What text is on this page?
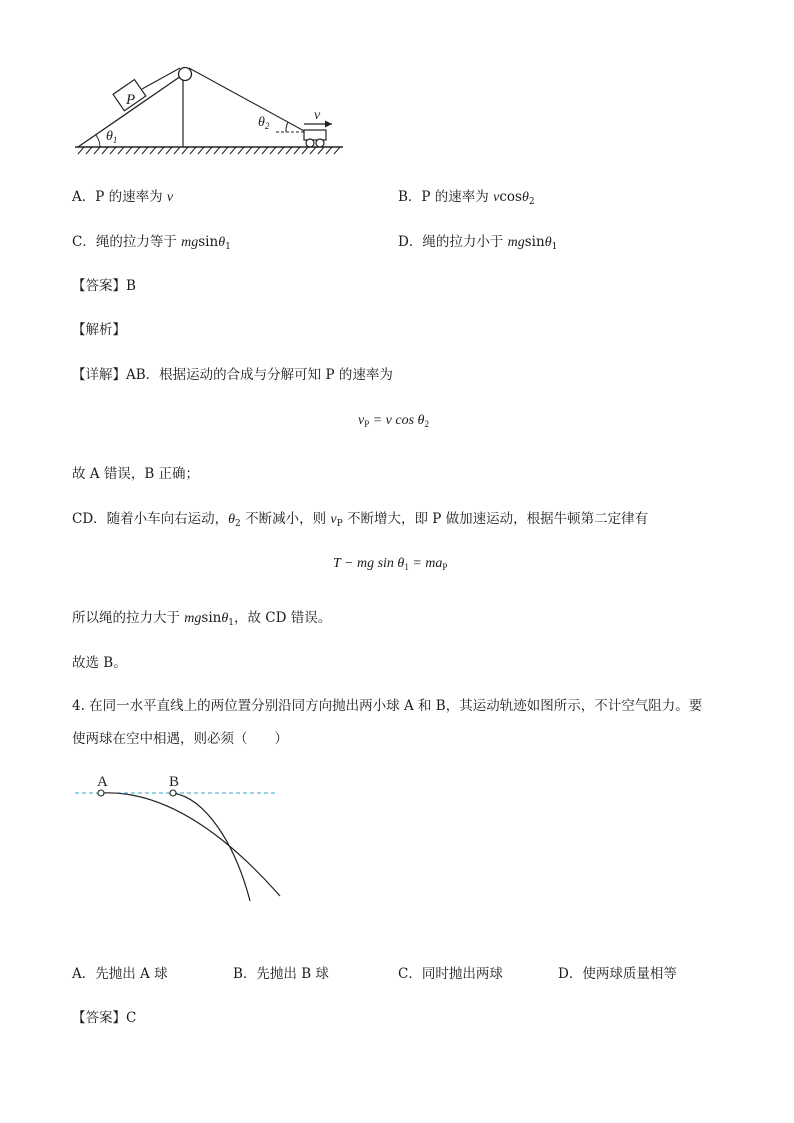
P
$\theta_2$
$\theta_1$
v
A．P 的速率为 v	B．P 的速率为 vcosθ$_2$
C．绳的拉力等于 mgsinθ$_1$	D．绳的拉力小于 mgsinθ$_1$
【答案】B
【解析】
【详解】AB．根据运动的合成与分解可知 P 的速率为
$v_P = v$ $\cos \theta_2$
故 A 错误，B 正确；
CD．随着小车向右运动，$\theta_2$ 不断减小，则 $v_P$ 不断增大，即 P 做加速运动，根据牛顿第二定律有
T − mg $\sin \theta_1 = ma_P$
所以绳的拉力大于 mgsinθ$_1$，故 CD 错误。
故选 B。
4. 在同一水平直线上的两位置分别沿同方向抛出两小球 A 和 B，其运动轨迹如图所示，不计空气阻力。要
使两球在空中相遇，则必须（　　）
A	B
A．先抛出 A 球	B．先抛出 B 球	C．同时抛出两球	D．使两球质量相等
【答案】C
